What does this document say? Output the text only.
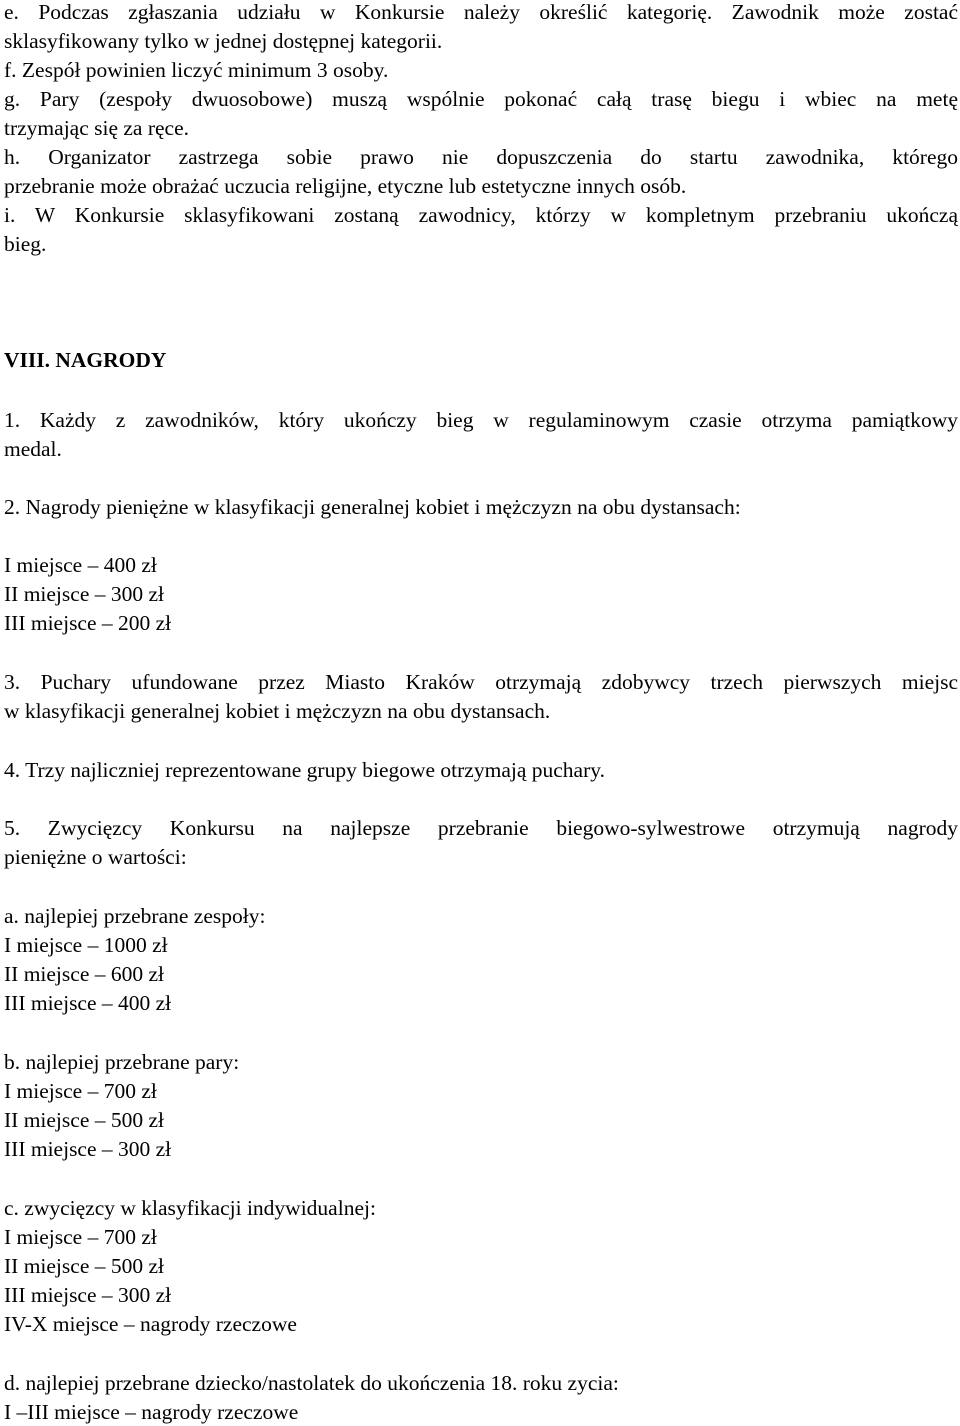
e. Podczas zgłaszania udziału w Konkursie należy określić kategorię. Zawodnik może zostać
sklasyfikowany tylko w jednej dostępnej kategorii.
f. Zespół powinien liczyć minimum 3 osoby.
g. Pary (zespoły dwuosobowe) muszą wspólnie pokonać całą trasę biegu i wbiec na metę
trzymając się za ręce.
h. Organizator zastrzega sobie prawo nie dopuszczenia do startu zawodnika, którego
przebranie może obrażać uczucia religijne, etyczne lub estetyczne innych osób.
i. W Konkursie sklasyfikowani zostaną zawodnicy, którzy w kompletnym przebraniu ukończą
bieg.
VIII. NAGRODY
1. Każdy z zawodników, który ukończy bieg w regulaminowym czasie otrzyma pamiątkowy
medal.
2. Nagrody pieniężne w klasyfikacji generalnej kobiet i mężczyzn na obu dystansach:
I miejsce – 400 zł
II miejsce – 300 zł
III miejsce – 200 zł
3. Puchary ufundowane przez Miasto Kraków otrzymają zdobywcy trzech pierwszych miejsc
w klasyfikacji generalnej kobiet i mężczyzn na obu dystansach.
4. Trzy najliczniej reprezentowane grupy biegowe otrzymają puchary.
5. Zwycięzcy Konkursu na najlepsze przebranie biegowo-sylwestrowe otrzymują nagrody
pieniężne o wartości:
a. najlepiej przebrane zespoły:
I miejsce – 1000 zł
II miejsce – 600 zł
III miejsce – 400 zł
b. najlepiej przebrane pary:
I miejsce – 700 zł
II miejsce – 500 zł
III miejsce – 300 zł
c. zwycięzcy w klasyfikacji indywidualnej:
I miejsce – 700 zł
II miejsce – 500 zł
III miejsce – 300 zł
IV-X miejsce – nagrody rzeczowe
d. najlepiej przebrane dziecko/nastolatek do ukończenia 18. roku zycia:
I –III miejsce – nagrody rzeczowe
